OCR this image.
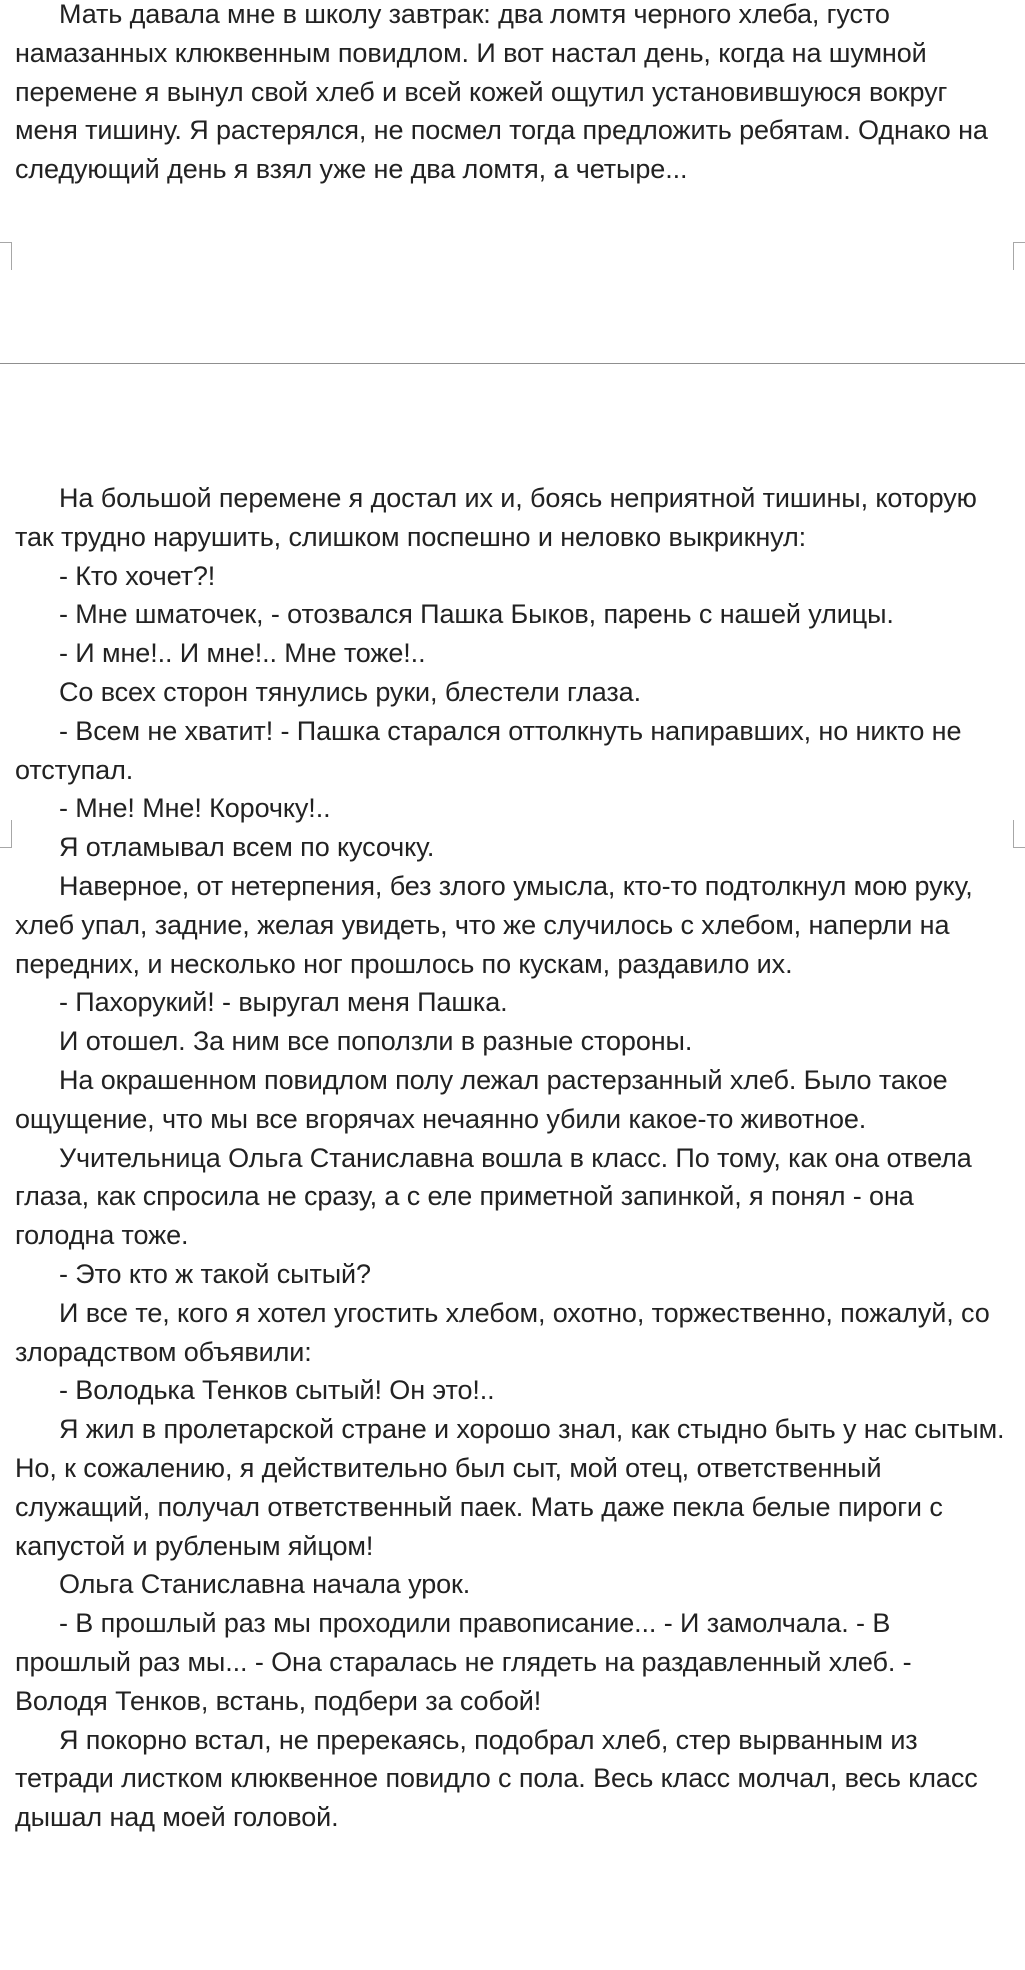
Мать давала мне в школу завтрак: два ломтя черного хлеба, густо намазанных клюквенным повидлом. И вот настал день, когда на шумной перемене я вынул свой хлеб и всей кожей ощутил установившуюся вокруг меня тишину. Я растерялся, не посмел тогда предложить ребятам. Однако на следующий день я взял уже не два ломтя, а четыре...

На большой перемене я достал их и, боясь неприятной тишины, которую так трудно нарушить, слишком поспешно и неловко выкрикнул:

- Кто хочет?!

- Мне шматочек, - отозвался Пашка Быков, парень с нашей улицы.

- И мне!.. И мне!.. Мне тоже!..

Со всех сторон тянулись руки, блестели глаза.

- Всем не хватит! - Пашка старался оттолкнуть напиравших, но никто не отступал.

- Мне! Мне! Корочку!..

Я отламывал всем по кусочку.

Наверное, от нетерпения, без злого умысла, кто-то подтолкнул мою руку, хлеб упал, задние, желая увидеть, что же случилось с хлебом, наперли на передних, и несколько ног прошлось по кускам, раздавило их.

- Пахорукий! - выругал меня Пашка.

И отошел. За ним все поползли в разные стороны.

На окрашенном повидлом полу лежал растерзанный хлеб. Было такое ощущение, что мы все вгорячах нечаянно убили какое-то животное.

Учительница Ольга Станиславна вошла в класс. По тому, как она отвела глаза, как спросила не сразу, а с еле приметной запинкой, я понял - она голодна тоже.

- Это кто ж такой сытый?

И все те, кого я хотел угостить хлебом, охотно, торжественно, пожалуй, со злорадством объявили:

- Володька Тенков сытый! Он это!..

Я жил в пролетарской стране и хорошо знал, как стыдно быть у нас сытым. Но, к сожалению, я действительно был сыт, мой отец, ответственный служащий, получал ответственный паек. Мать даже пекла белые пироги с капустой и рубленым яйцом!

Ольга Станиславна начала урок.

- В прошлый раз мы проходили правописание... - И замолчала. - В прошлый раз мы... - Она старалась не глядеть на раздавленный хлеб. - Володя Тенков, встань, подбери за собой!

Я покорно встал, не пререкаясь, подобрал хлеб, стер вырванным из тетради листком клюквенное повидло с пола. Весь класс молчал, весь класс дышал над моей головой.
